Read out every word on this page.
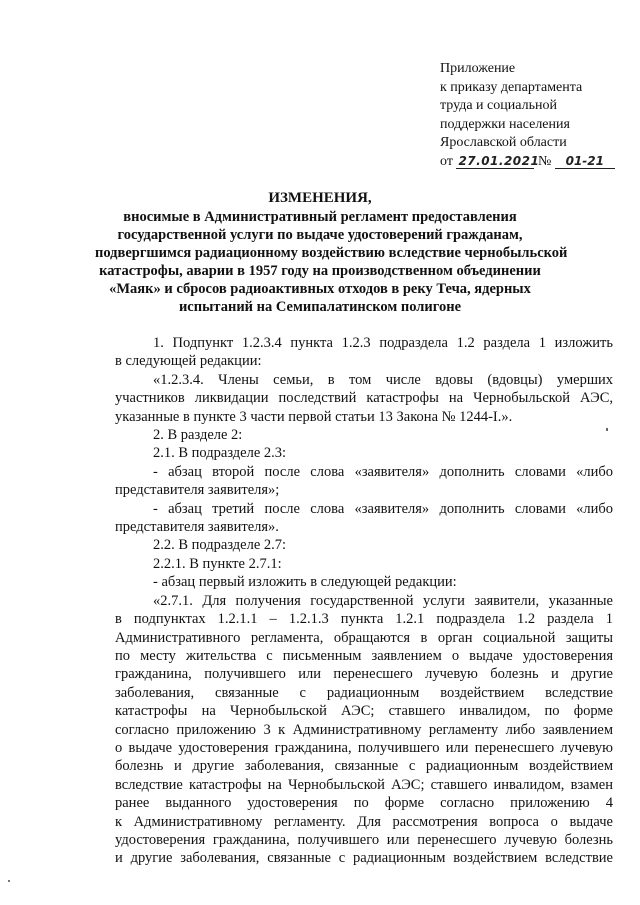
Приложение
к приказу департамента
труда и социальной
поддержки населения
Ярославской области
от 27.01.2021 № 01-21
ИЗМЕНЕНИЯ,
вносимые в Административный регламент предоставления
государственной услуги по выдаче удостоверений гражданам,
подвергшимся радиационному воздействию вследствие чернобыльской
катастрофы, аварии в 1957 году на производственном объединении
«Маяк» и сбросов радиоактивных отходов в реку Теча, ядерных
испытаний на Семипалатинском полигоне
1. Подпункт 1.2.3.4 пункта 1.2.3 подраздела 1.2 раздела 1 изложить
в следующей редакции:
«1.2.3.4. Члены семьи, в том числе вдовы (вдовцы) умерших
участников ликвидации последствий катастрофы на Чернобыльской АЭС,
указанные в пункте 3 части первой статьи 13 Закона № 1244-I.».
2. В разделе 2:
2.1. В подразделе 2.3:
- абзац второй после слова «заявителя» дополнить словами «либо
представителя заявителя»;
- абзац третий после слова «заявителя» дополнить словами «либо
представителя заявителя».
2.2. В подразделе 2.7:
2.2.1. В пункте 2.7.1:
- абзац первый изложить в следующей редакции:
«2.7.1. Для получения государственной услуги заявители, указанные
в подпунктах 1.2.1.1 – 1.2.1.3 пункта 1.2.1 подраздела 1.2 раздела 1
Административного регламента, обращаются в орган социальной защиты
по месту жительства с письменным заявлением о выдаче удостоверения
гражданина, получившего или перенесшего лучевую болезнь и другие
заболевания, связанные с радиационным воздействием вследствие
катастрофы на Чернобыльской АЭС; ставшего инвалидом, по форме
согласно приложению 3 к Административному регламенту либо заявлением
о выдаче удостоверения гражданина, получившего или перенесшего лучевую
болезнь и другие заболевания, связанные с радиационным воздействием
вследствие катастрофы на Чернобыльской АЭС; ставшего инвалидом, взамен
ранее выданного удостоверения по форме согласно приложению 4
к Административному регламенту. Для рассмотрения вопроса о выдаче
удостоверения гражданина, получившего или перенесшего лучевую болезнь
и другие заболевания, связанные с радиационным воздействием вследствие
